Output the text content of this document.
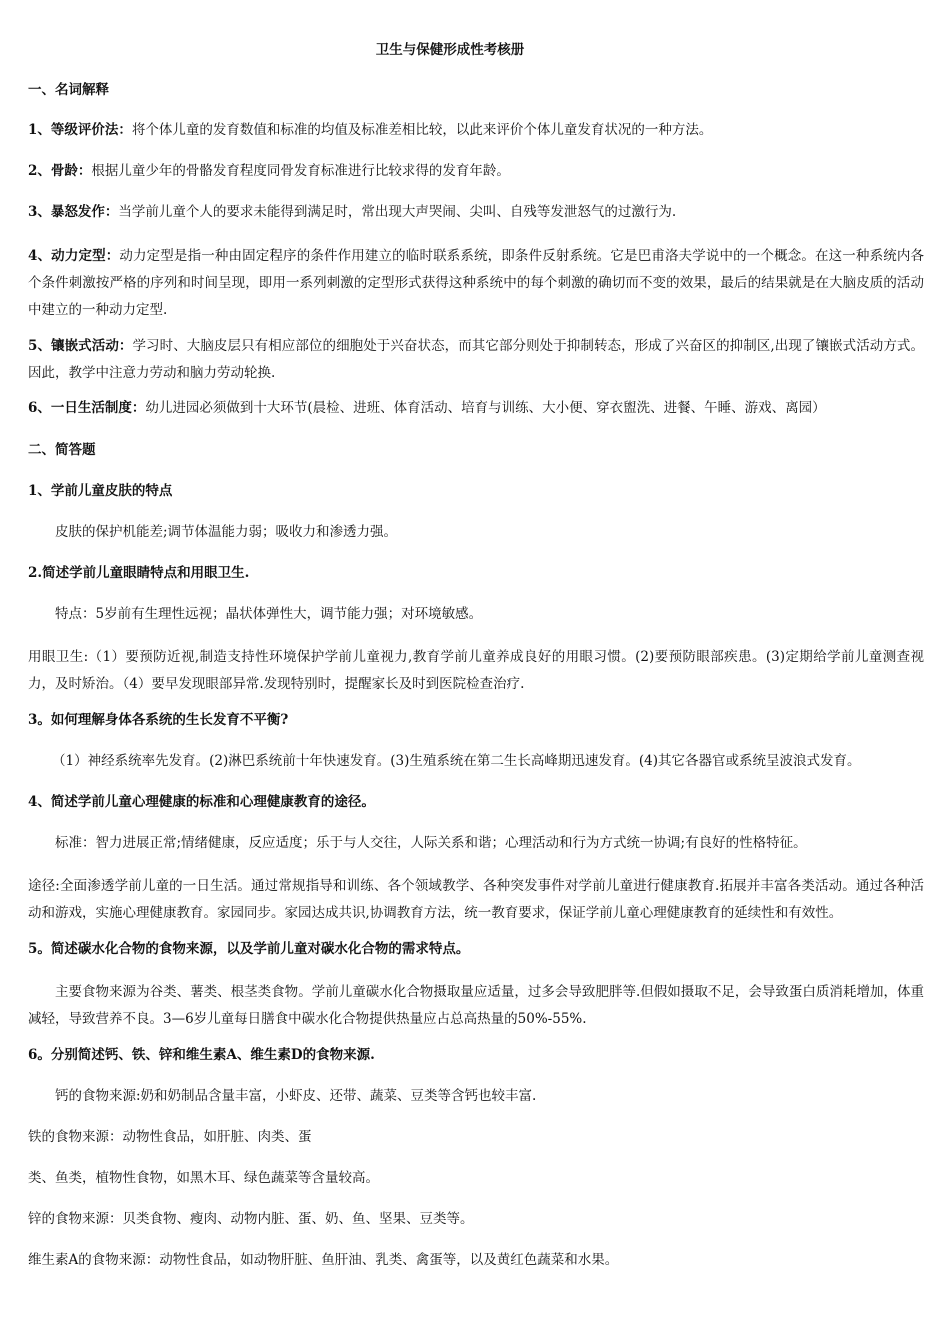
卫生与保健形成性考核册
一、名词解释
1、等级评价法：将个体儿童的发育数值和标准的均值及标准差相比较，以此来评价个体儿童发育状况的一种方法。
2、骨龄：根据儿童少年的骨骼发育程度同骨发育标准进行比较求得的发育年龄。
3、暴怒发作：当学前儿童个人的要求未能得到满足时，常出现大声哭闹、尖叫、自残等发泄怒气的过激行为.
4、动力定型：动力定型是指一种由固定程序的条件作用建立的临时联系系统，即条件反射系统。它是巴甫洛夫学说中的一个概念。在这一种系统内各个条件刺激按严格的序列和时间呈现，即用一系列刺激的定型形式获得这种系统中的每个刺激的确切而不变的效果，最后的结果就是在大脑皮质的活动中建立的一种动力定型.
5、镶嵌式活动：学习时、大脑皮层只有相应部位的细胞处于兴奋状态，而其它部分则处于抑制转态，形成了兴奋区的抑制区,出现了镶嵌式活动方式。因此，教学中注意力劳动和脑力劳动轮换.
6、一日生活制度：幼儿进园必须做到十大环节(晨检、进班、体育活动、培育与训练、大小便、穿衣盥洗、进餐、午睡、游戏、离园）
二、简答题
1、学前儿童皮肤的特点
皮肤的保护机能差;调节体温能力弱；吸收力和渗透力强。
2.简述学前儿童眼睛特点和用眼卫生.
特点：5岁前有生理性远视；晶状体弹性大，调节能力强；对环境敏感。
用眼卫生:（1）要预防近视,制造支持性环境保护学前儿童视力,教育学前儿童养成良好的用眼习惯。(2)要预防眼部疾患。(3)定期给学前儿童测查视力，及时矫治。（4）要早发现眼部异常.发现特别时，提醒家长及时到医院检查治疗.
3。如何理解身体各系统的生长发育不平衡?
（1）神经系统率先发育。(2)淋巴系统前十年快速发育。(3)生殖系统在第二生长高峰期迅速发育。(4)其它各器官或系统呈波浪式发育。
4、简述学前儿童心理健康的标准和心理健康教育的途径。
标准：智力进展正常;情绪健康，反应适度；乐于与人交往，人际关系和谐；心理活动和行为方式统一协调;有良好的性格特征。
途径:全面渗透学前儿童的一日生活。通过常规指导和训练、各个领域教学、各种突发事件对学前儿童进行健康教育.拓展并丰富各类活动。通过各种活动和游戏，实施心理健康教育。家园同步。家园达成共识,协调教育方法，统一教育要求，保证学前儿童心理健康教育的延续性和有效性。
5。简述碳水化合物的食物来源，以及学前儿童对碳水化合物的需求特点。
主要食物来源为谷类、薯类、根茎类食物。学前儿童碳水化合物摄取量应适量，过多会导致肥胖等.但假如摄取不足，会导致蛋白质消耗增加，体重减轻，导致营养不良。3—6岁儿童每日膳食中碳水化合物提供热量应占总高热量的50%-55%.
6。分别简述钙、铁、锌和维生素A、维生素D的食物来源.
钙的食物来源:奶和奶制品含量丰富，小虾皮、还带、蔬菜、豆类等含钙也较丰富.
铁的食物来源：动物性食品，如肝脏、肉类、蛋
类、鱼类，植物性食物，如黑木耳、绿色蔬菜等含量较高。
锌的食物来源：贝类食物、瘦肉、动物内脏、蛋、奶、鱼、坚果、豆类等。
维生素A的食物来源：动物性食品，如动物肝脏、鱼肝油、乳类、禽蛋等，以及黄红色蔬菜和水果。
